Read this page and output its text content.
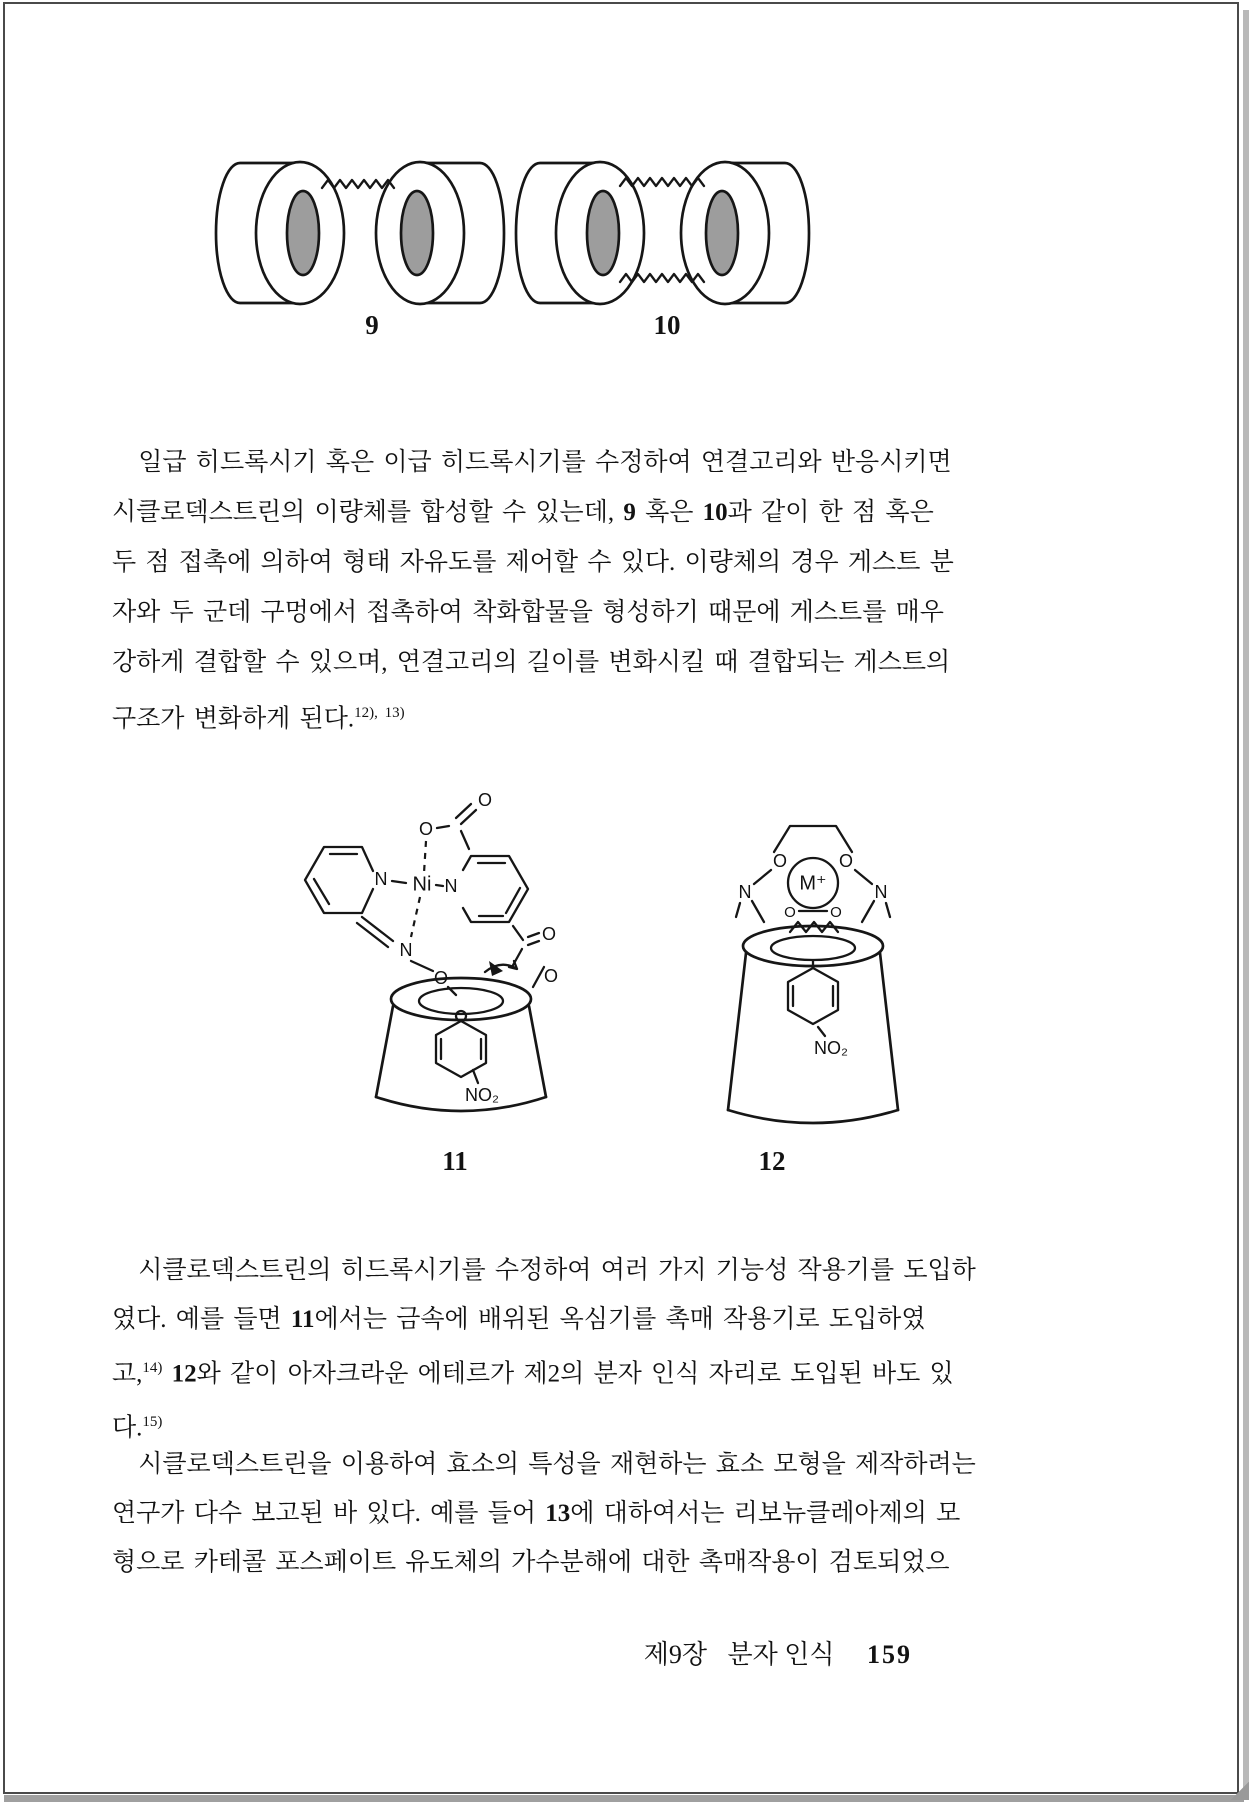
9	10
일급 히드록시기 혹은 이급 히드록시기를 수정하여 연결고리와 반응시키면
시클로덱스트린의 이량체를 합성할 수 있는데, 9 혹은 10과 같이 한 점 혹은
두 점 접촉에 의하여 형태 자유도를 제어할 수 있다. 이량체의 경우 게스트 분
자와 두 군데 구멍에서 접촉하여 착화합물을 형성하기 때문에 게스트를 매우
강하게 결합할 수 있으며, 연결고리의 길이를 변화시킬 때 결합되는 게스트의
구조가 변화하게 된다.$^{12), 13)}$
O
O
Ni
N	N
N
O
O
O
NO₂
M⁺
O	O
N	N
O O
NO₂
11	12
시클로덱스트린의 히드록시기를 수정하여 여러 가지 기능성 작용기를 도입하
였다. 예를 들면 11에서는 금속에 배위된 옥심기를 촉매 작용기로 도입하였
고,$^{14)}$ 12와 같이 아자크라운 에테르가 제2의 분자 인식 자리로 도입된 바도 있
다.$^{15)}$
시클로덱스트린을 이용하여 효소의 특성을 재현하는 효소 모형을 제작하려는
연구가 다수 보고된 바 있다. 예를 들어 13에 대하여서는 리보뉴클레아제의 모
형으로 카테콜 포스페이트 유도체의 가수분해에 대한 촉매작용이 검토되었으
제9장 분자 인식 159
